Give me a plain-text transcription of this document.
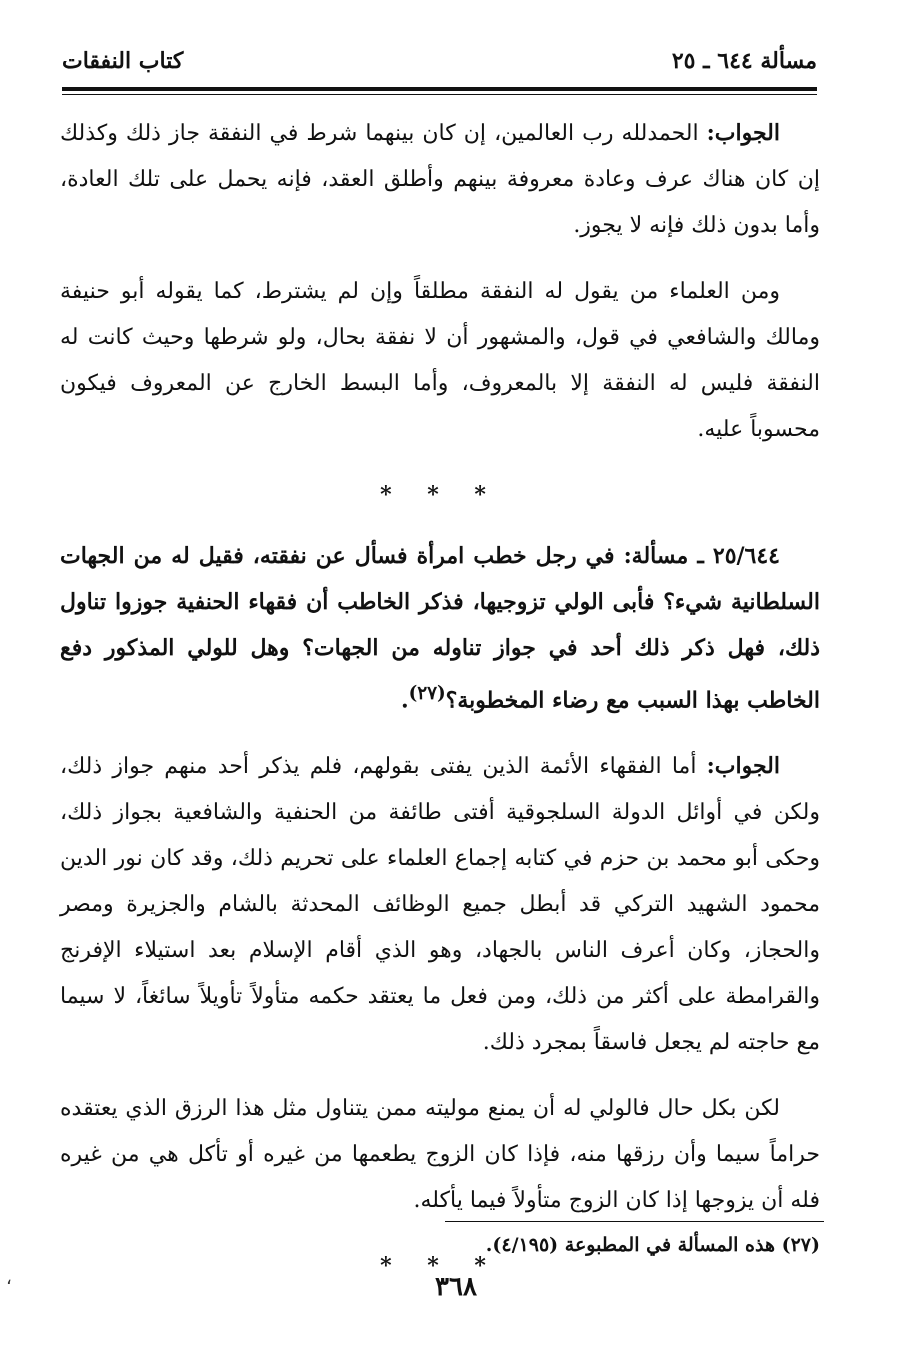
مسألة ٦٤٤ ـ ٢٥
كتاب النفقات

الجواب: الحمدلله رب العالمين، إن كان بينهما شرط في النفقة جاز ذلك وكذلك إن كان هناك عرف وعادة معروفة بينهم وأطلق العقد، فإنه يحمل على تلك العادة، وأما بدون ذلك فإنه لا يجوز.

ومن العلماء من يقول له النفقة مطلقاً وإن لم يشترط، كما يقوله أبو حنيفة ومالك والشافعي في قول، والمشهور أن لا نفقة بحال، ولو شرطها وحيث كانت له النفقة فليس له النفقة إلا بالمعروف، وأما البسط الخارج عن المعروف فيكون محسوباً عليه.

* * *

٢٥/٦٤٤ ـ مسألة: في رجل خطب امرأة فسأل عن نفقته، فقيل له من الجهات السلطانية شيء؟ فأبى الولي تزوجيها، فذكر الخاطب أن فقهاء الحنفية جوزوا تناول ذلك، فهل ذكر ذلك أحد في جواز تناوله من الجهات؟ وهل للولي المذكور دفع الخاطب بهذا السبب مع رضاء المخطوبة؟$^{(٢٧)}$.

الجواب: أما الفقهاء الأئمة الذين يفتى بقولهم، فلم يذكر أحد منهم جواز ذلك، ولكن في أوائل الدولة السلجوقية أفتى طائفة من الحنفية والشافعية بجواز ذلك، وحكى أبو محمد بن حزم في كتابه إجماع العلماء على تحريم ذلك، وقد كان نور الدين محمود الشهيد التركي قد أبطل جميع الوظائف المحدثة بالشام والجزيرة ومصر والحجاز، وكان أعرف الناس بالجهاد، وهو الذي أقام الإسلام بعد استيلاء الإفرنج والقرامطة على أكثر من ذلك، ومن فعل ما يعتقد حكمه متأولاً تأويلاً سائغاً، لا سيما مع حاجته لم يجعل فاسقاً بمجرد ذلك.

لكن بكل حال فالولي له أن يمنع موليته ممن يتناول مثل هذا الرزق الذي يعتقده حراماً سيما وأن رزقها منه، فإذا كان الزوج يطعمها من غيره أو تأكل هي من غيره فله أن يزوجها إذا كان الزوج متأولاً فيما يأكله.

* * *
(٢٧) هذه المسألة في المطبوعة (٤/١٩٥).
٣٦٨
،
